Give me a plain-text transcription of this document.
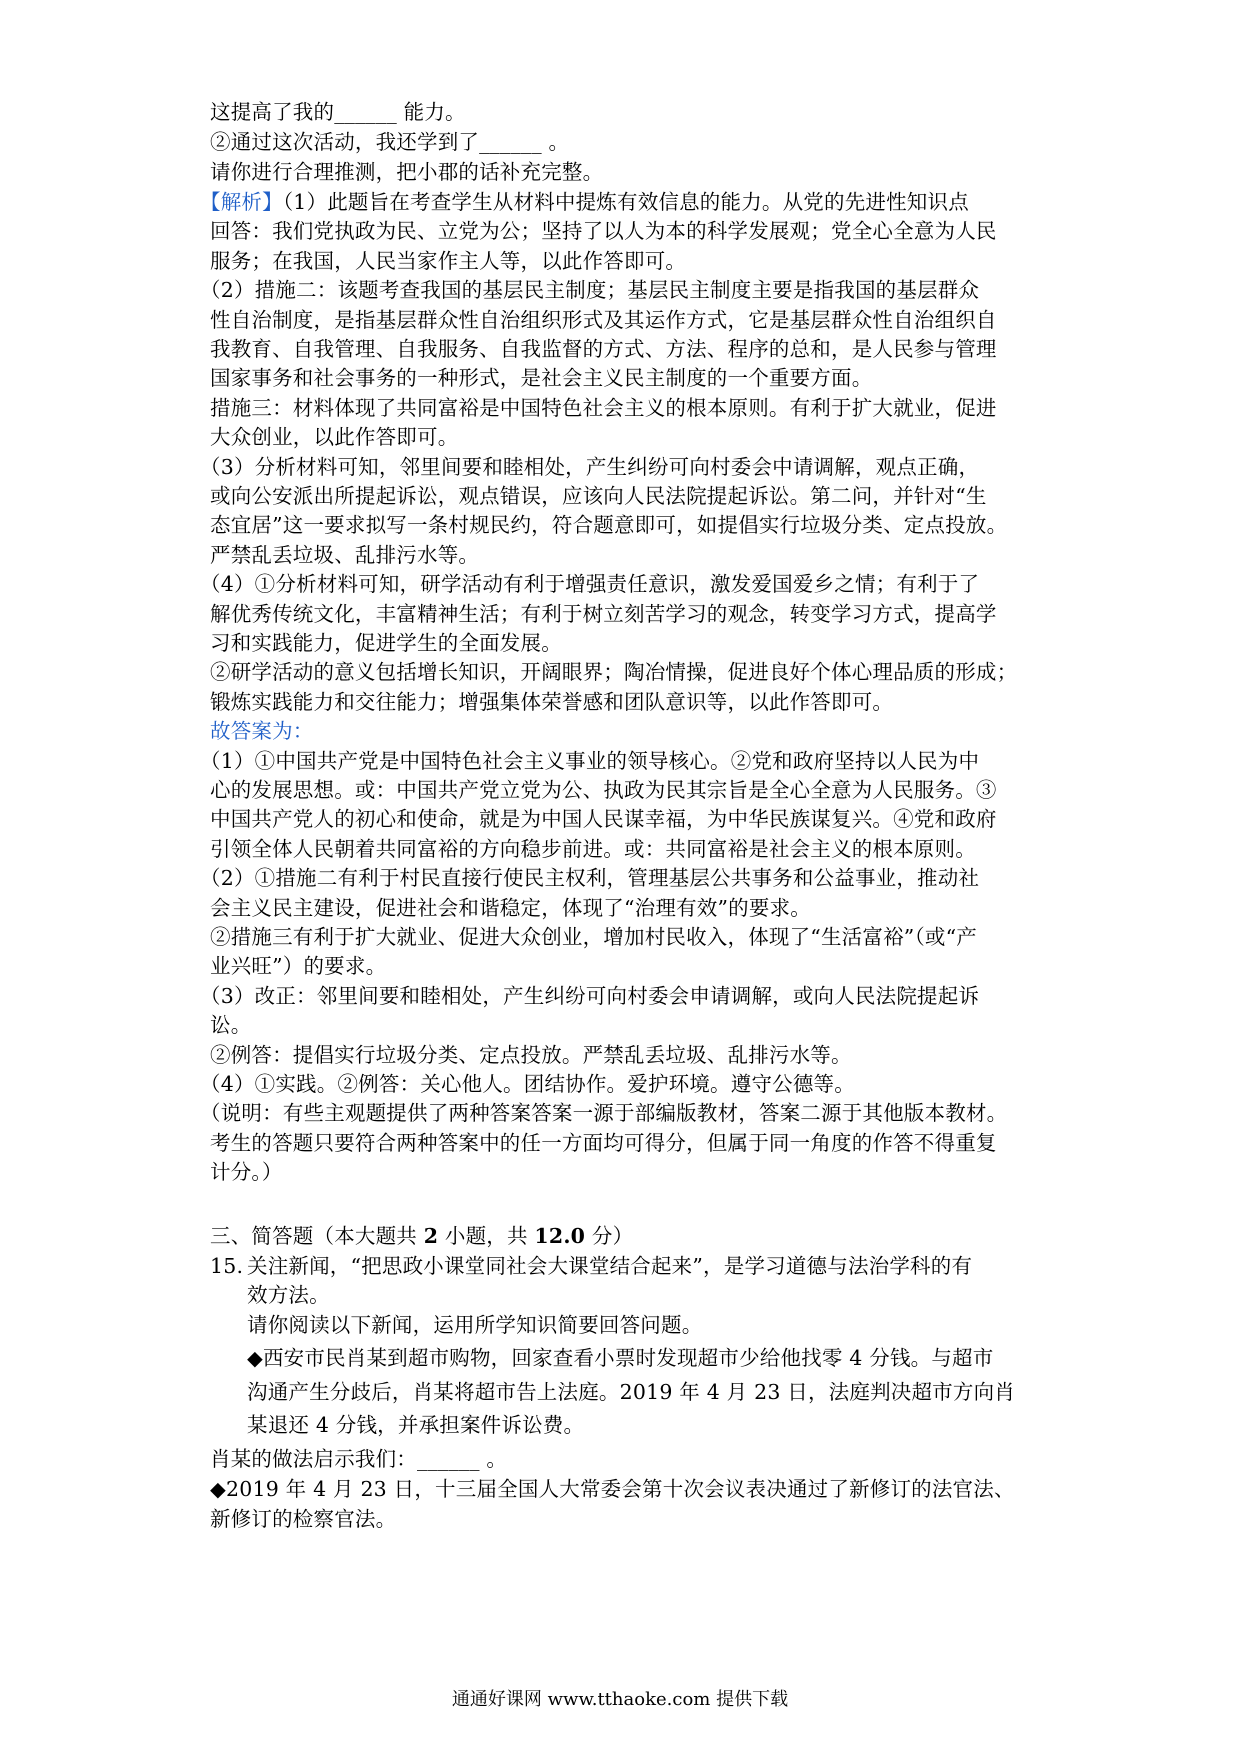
这提高了我的______ 能力。
②通过这次活动，我还学到了______ 。
请你进行合理推测，把小郡的话补充完整。
【解析】（1）此题旨在考查学生从材料中提炼有效信息的能力。从党的先进性知识点
回答：我们党执政为民、立党为公；坚持了以人为本的科学发展观；党全心全意为人民
服务；在我国，人民当家作主人等，以此作答即可。
（2）措施二：该题考查我国的基层民主制度；基层民主制度主要是指我国的基层群众
性自治制度，是指基层群众性自治组织形式及其运作方式，它是基层群众性自治组织自
我教育、自我管理、自我服务、自我监督的方式、方法、程序的总和，是人民参与管理
国家事务和社会事务的一种形式，是社会主义民主制度的一个重要方面。
措施三：材料体现了共同富裕是中国特色社会主义的根本原则。有利于扩大就业，促进
大众创业，以此作答即可。
（3）分析材料可知，邻里间要和睦相处，产生纠纷可向村委会中请调解，观点正确，
或向公安派出所提起诉讼，观点错误，应该向人民法院提起诉讼。第二问，并针对“生
态宜居”这一要求拟写一条村规民约，符合题意即可，如提倡实行垃圾分类、定点投放。
严禁乱丢垃圾、乱排污水等。
（4）①分析材料可知，研学活动有利于增强责任意识，激发爱国爱乡之情；有利于了
解优秀传统文化，丰富精神生活；有利于树立刻苦学习的观念，转变学习方式，提高学
习和实践能力，促进学生的全面发展。
②研学活动的意义包括增长知识，开阔眼界；陶冶情操，促进良好个体心理品质的形成；
锻炼实践能力和交往能力；增强集体荣誉感和团队意识等，以此作答即可。
故答案为：
（1）①中国共产党是中国特色社会主义事业的领导核心。②党和政府坚持以人民为中
心的发展思想。或：中国共产党立党为公、执政为民其宗旨是全心全意为人民服务。③
中国共产党人的初心和使命，就是为中国人民谋幸福，为中华民族谋复兴。④党和政府
引领全体人民朝着共同富裕的方向稳步前进。或：共同富裕是社会主义的根本原则。
（2）①措施二有利于村民直接行使民主权利，管理基层公共事务和公益事业，推动社
会主义民主建设，促进社会和谐稳定，体现了“治理有效”的要求。
②措施三有利于扩大就业、促进大众创业，增加村民收入，体现了“生活富裕”（或“产
业兴旺”）的要求。
（3）改正：邻里间要和睦相处，产生纠纷可向村委会申请调解，或向人民法院提起诉
讼。
②例答：提倡实行垃圾分类、定点投放。严禁乱丢垃圾、乱排污水等。
（4）①实践。②例答：关心他人。团结协作。爱护环境。遵守公德等。
（说明：有些主观题提供了两种答案答案一源于部编版教材，答案二源于其他版本教材。
考生的答题只要符合两种答案中的任一方面均可得分，但属于同一角度的作答不得重复
计分。）
三、简答题（本大题共 2 小题，共 12.0 分）
15. 关注新闻，“把思政小课堂同社会大课堂结合起来”，是学习道德与法治学科的有
效方法。
请你阅读以下新闻，运用所学知识简要回答问题。
◆西安市民肖某到超市购物，回家查看小票时发现超市少给他找零 4 分钱。与超市
沟通产生分歧后，肖某将超市告上法庭。2019 年 4 月 23 日，法庭判决超市方向肖
某退还 4 分钱，并承担案件诉讼费。
肖某的做法启示我们：______ 。
◆2019 年 4 月 23 日，十三届全国人大常委会第十次会议表决通过了新修订的法官法、
新修订的检察官法。
通通好课网 www.tthaoke.com 提供下载
